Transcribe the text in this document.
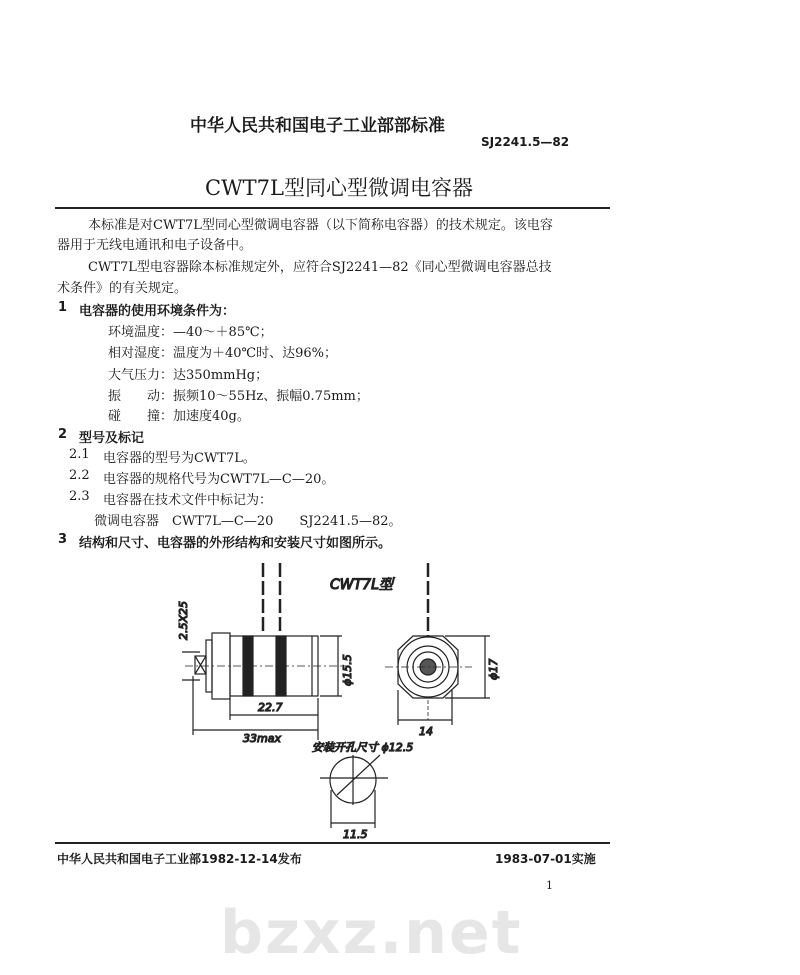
中华人民共和国电子工业部部标准
SJ2241.5—82
bzxz.net
CWT7L型同心型微调电容器
本标准是对CWT7L型同心型微调电容器（以下简称电容器）的技术规定。该电容
器用于无线电通讯和电子设备中。
CWT7L型电容器除本标准规定外，应符合SJ2241—82《同心型微调电容器总技
术条件》的有关规定。
1 电容器的使用环境条件为：
环境温度：—40～＋85℃；
相对湿度：温度为＋40℃时、达96%；
大气压力：达350mmHg；
振　　动：振频10～55Hz、振幅0.75mm；
碰　　撞：加速度40g。
2 型号及标记
2.1 电容器的型号为CWT7L。
2.2 电容器的规格代号为CWT7L—C—20。
2.3 电容器在技术文件中标记为：
微调电容器　CWT7L—C—20　　SJ2241.5—82。
3 结构和尺寸、电容器的外形结构和安装尺寸如图所示。
CWT7L型
2.5X25
ϕ15.5
22.7
33max
ϕ17
14
安装开孔尺寸 ϕ12.5
11.5
中华人民共和国电子工业部1982-12-14发布	1983-07-01实施
1
